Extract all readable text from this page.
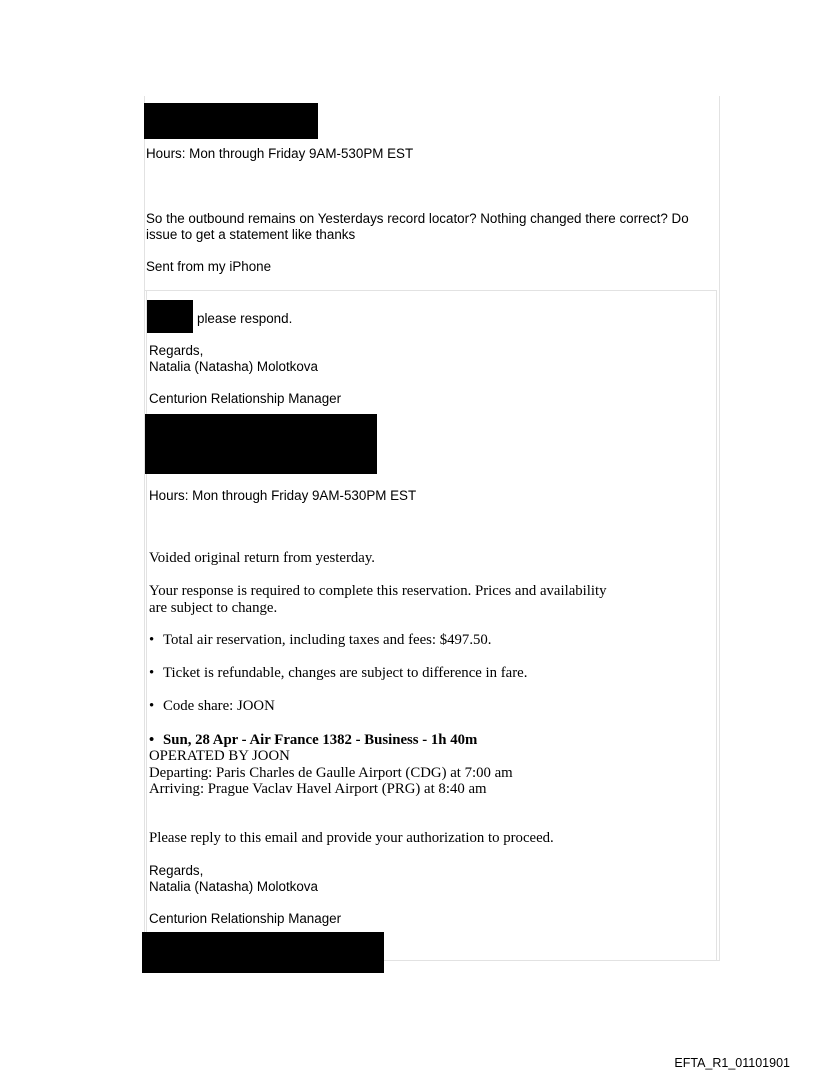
Hours: Mon through Friday 9AM-530PM EST
So the outbound remains on Yesterdays record locator? Nothing changed there correct? Do
issue to get a statement like thanks
Sent from my iPhone
please respond.
Regards,
Natalia (Natasha) Molotkova
Centurion Relationship Manager
Hours: Mon through Friday 9AM-530PM EST
Voided original return from yesterday.
Your response is required to complete this reservation. Prices and availability
are subject to change.
• Total air reservation, including taxes and fees: $497.50.
• Ticket is refundable, changes are subject to difference in fare.
• Code share: JOON
• Sun, 28 Apr - Air France 1382 - Business - 1h 40m
OPERATED BY JOON
Departing: Paris Charles de Gaulle Airport (CDG) at 7:00 am
Arriving: Prague Vaclav Havel Airport (PRG) at 8:40 am
Please reply to this email and provide your authorization to proceed.
Regards,
Natalia (Natasha) Molotkova
Centurion Relationship Manager
EFTA_R1_01101901
